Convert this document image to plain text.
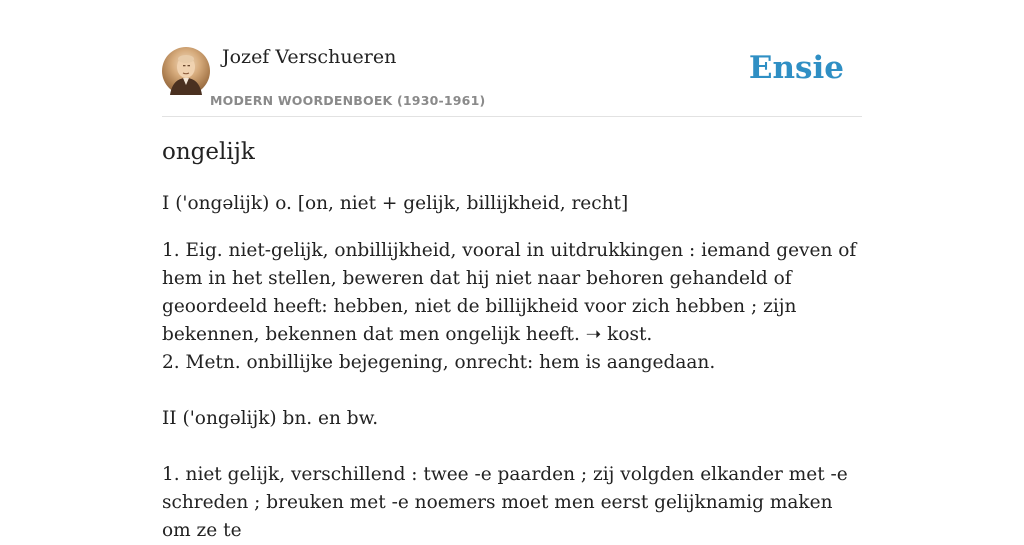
Jozef Verschueren
MODERN WOORDENBOEK (1930-1961)
Ensie
ongelijk

I ('ongəlijk) o. [on, niet + gelijk, billijkheid, recht]

1. Eig. niet-gelijk, onbillijkheid, vooral in uitdrukkingen : iemand geven of hem in het stellen, beweren dat hij niet naar behoren gehandeld of geoordeeld heeft: hebben, niet de billijkheid voor zich hebben ; zijn bekennen, bekennen dat men ongelijk heeft. ➝ kost.

2. Metn. onbillijke bejegening, onrecht: hem is aangedaan.

II ('ongəlijk) bn. en bw.

1. niet gelijk, verschillend : twee -e paarden ; zij volgden elkander met -e schreden ; breuken met -e noemers moet men eerst gelijknamig maken om ze te
